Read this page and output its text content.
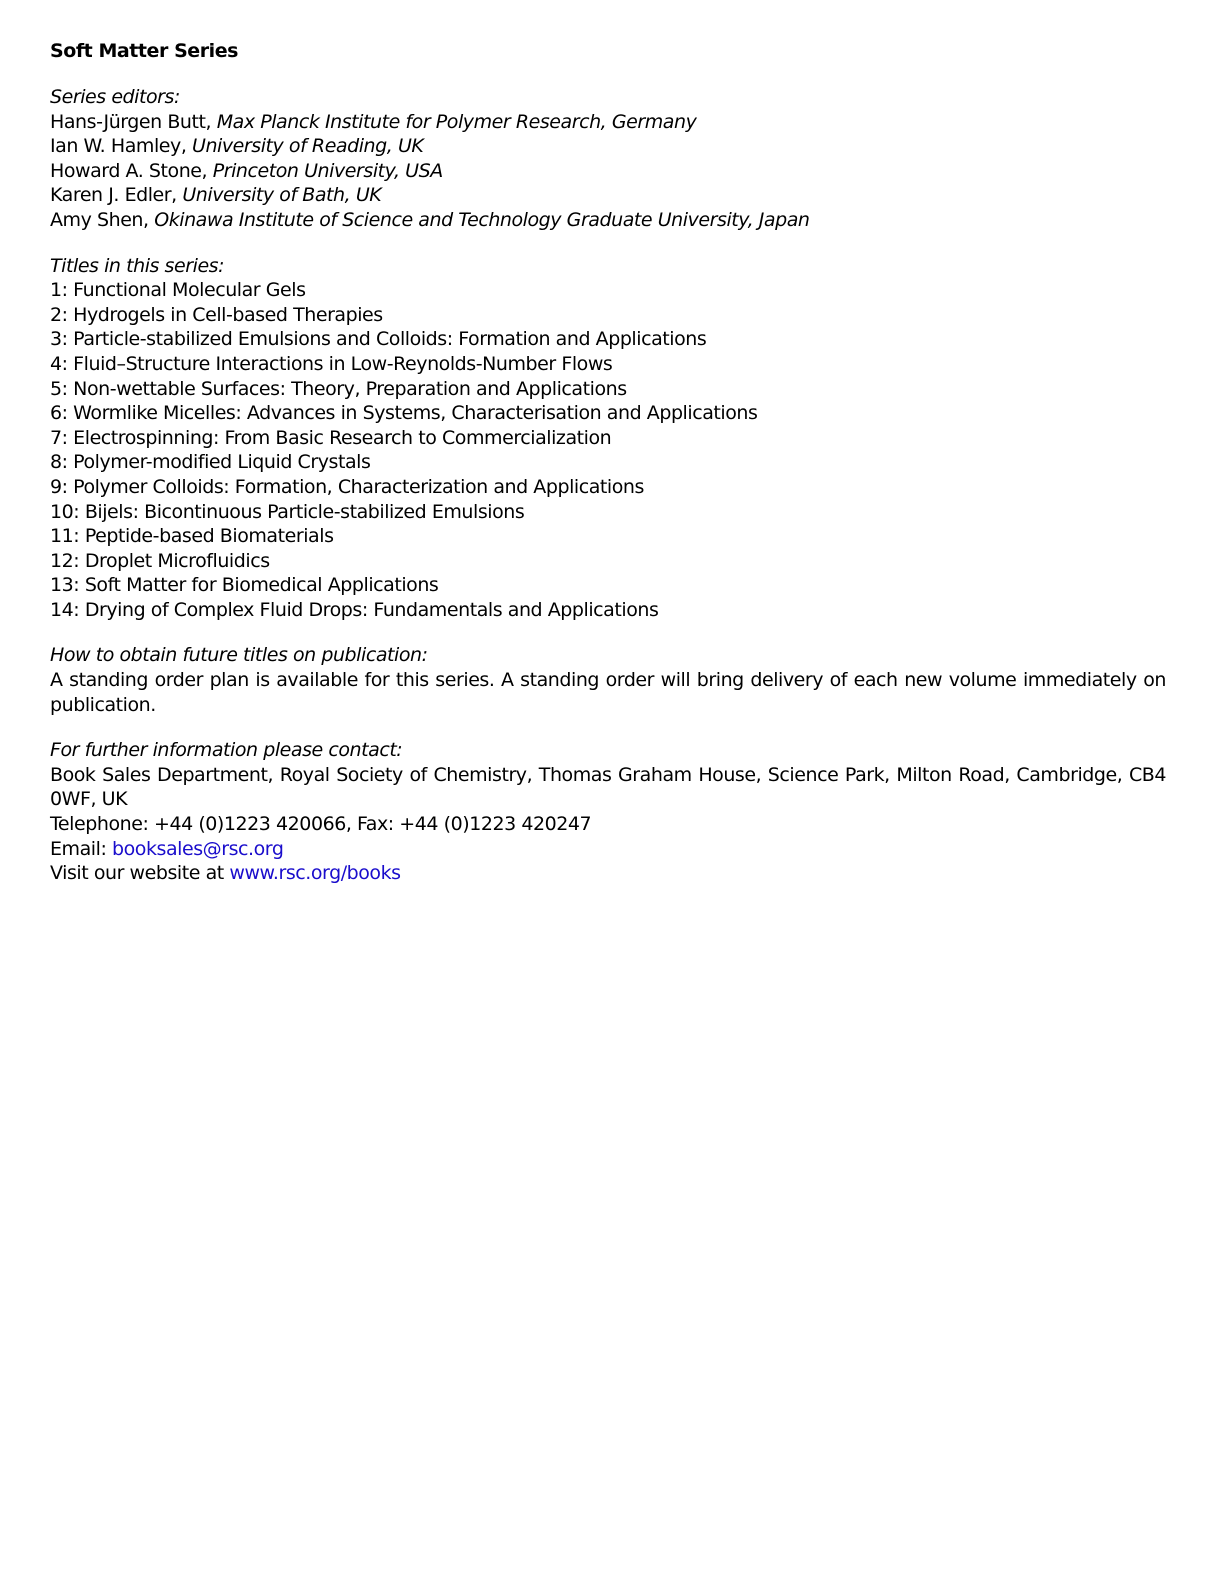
Soft Matter Series
Series editors:
Hans-Jürgen Butt, Max Planck Institute for Polymer Research, Germany
Ian W. Hamley, University of Reading, UK
Howard A. Stone, Princeton University, USA
Karen J. Edler, University of Bath, UK
Amy Shen, Okinawa Institute of Science and Technology Graduate University, Japan
Titles in this series:
1: Functional Molecular Gels
2: Hydrogels in Cell-based Therapies
3: Particle-stabilized Emulsions and Colloids: Formation and Applications
4: Fluid–Structure Interactions in Low-Reynolds-Number Flows
5: Non-wettable Surfaces: Theory, Preparation and Applications
6: Wormlike Micelles: Advances in Systems, Characterisation and Applications
7: Electrospinning: From Basic Research to Commercialization
8: Polymer-modified Liquid Crystals
9: Polymer Colloids: Formation, Characterization and Applications
10: Bijels: Bicontinuous Particle-stabilized Emulsions
11: Peptide-based Biomaterials
12: Droplet Microfluidics
13: Soft Matter for Biomedical Applications
14: Drying of Complex Fluid Drops: Fundamentals and Applications
How to obtain future titles on publication:
A standing order plan is available for this series. A standing order will bring delivery of each new volume immediately on
publication.
For further information please contact:
Book Sales Department, Royal Society of Chemistry, Thomas Graham House, Science Park, Milton Road, Cambridge, CB4
0WF, UK
Telephone: +44 (0)1223 420066, Fax: +44 (0)1223 420247
Email: booksales@rsc.org
Visit our website at www.rsc.org/books
